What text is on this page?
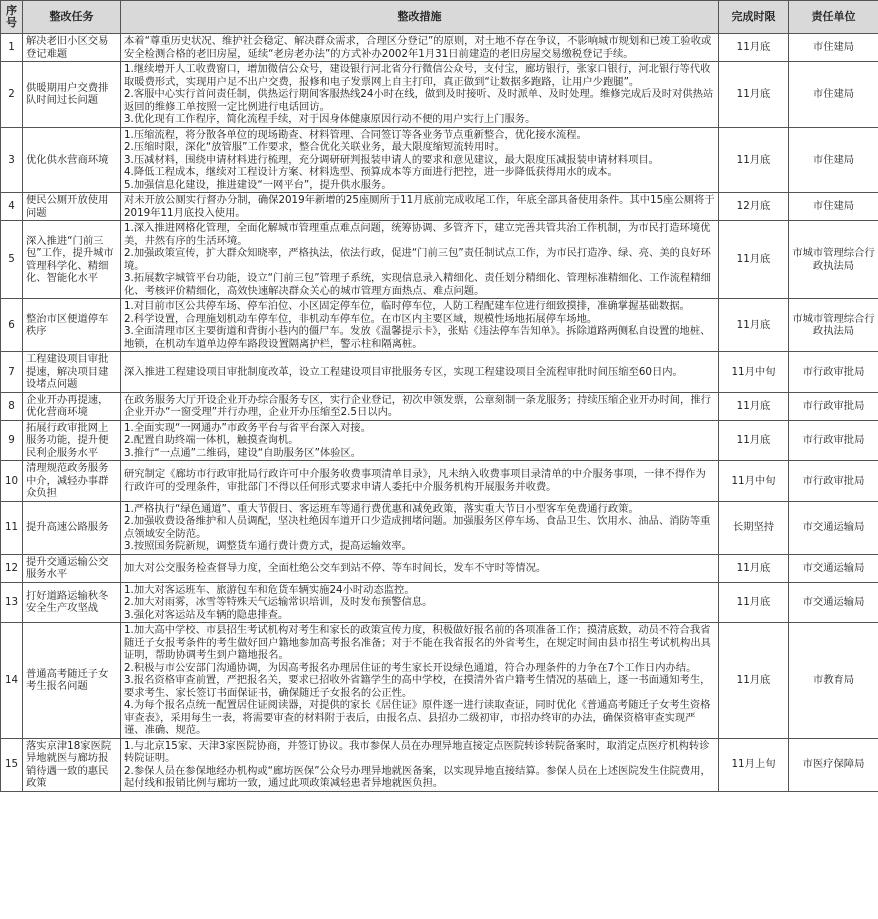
序号	整改任务	整改措施	完成时限	责任单位
1	解决老旧小区交易登记难题	本着“尊重历史状况、维护社会稳定、解决群众需求，合理区分登记”的原则，对土地不存在争议，不影响城市规划和已竣工验收或安全检测合格的老旧房屋，延续“老房老办法”的方式补办2002年1月31日前建造的老旧房屋交易缴税登记手续。	11月底	市住建局
2	供暖期用户交费排队时间过长问题	1.继续增开人工收费窗口，增加微信公众号，建设银行河北省分行微信公众号，支付宝，廊坊银行，张家口银行，河北银行等代收取暖费形式，实现用户足不出户交费，报修和电子发票网上自主打印，真正做到“让数据多跑路，让用户少跑腿”。
2.客服中心实行首问责任制，供热运行期间客服热线24小时在线，做到及时接听、及时派单、及时处理。维修完成后及时对供热站返回的维修工单按照一定比例进行电话回访。
3.优化现有工作程序，简化流程手续，对于因身体健康原因行动不便的用户实行上门服务。	11月底	市住建局
3	优化供水营商环境	1.压缩流程，将分散各单位的现场勘查、材料管理、合同签订等各业务节点重新整合，优化接水流程。
2.压缩时限，深化“放管服”工作要求，整合优化关联业务，最大限度缩短流转用时。
3.压减材料，围绕申请材料进行梳理，充分调研研判报装申请人的要求和意见建议，最大限度压减报装申请材料项目。
4.降低工程成本，继续对工程设计方案、材料选型、预算成本等方面进行把控，进一步降低获得用水的成本。
5.加强信息化建设，推进建设“一网平台”，提升供水服务。	11月底	市住建局
4	便民公厕开放使用问题	对未开放公厕实行督办分制，确保2019年新增的25座厕所于11月底前完成收尾工作，年底全部具备使用条件。其中15座公厕将于2019年11月底投入使用。	12月底	市住建局
5	深入推进“门前三包”工作，提升城市管理科学化、精细化、智能化水平	1.深入推进网格化管理，全面化解城市管理重点难点问题，统筹协调、多管齐下，建立完善共管共治工作机制，为市民打造环境优美，井然有序的生活环境。
2.加强政策宣传，扩大群众知晓率，严格执法，依法行政，促进“门前三包”责任制试点工作，为市民打造净、绿、亮、美的良好环境。
3.拓展数字城管平台功能，设立“门前三包”管理子系统，实现信息录入精细化、责任划分精细化、管理标准精细化、工作流程精细化、考核评价精细化，高效快速解决群众关心的城市管理方面热点、难点问题。	11月底	市城市管理综合行政执法局
6	整治市区便道停车秩序	1.对目前市区公共停车场、停车泊位、小区固定停车位，临时停车位，人防工程配建车位进行细致摸排，准确掌握基础数据。
2.科学设置，合理施划机动车停车位，非机动车停车位。在市区内主要区域，规模性场地拓展停车场地。
3.全面清理市区主要街道和背街小巷内的僵尸车。发放《温馨提示卡》，张贴《违法停车告知单》。拆除道路两侧私自设置的地桩、地锁，在机动车道单边停车路段设置隔离护栏，警示柱和隔离桩。	11月底	市城市管理综合行政执法局
7	工程建设项目审批提速，解决项目建设堵点问题	深入推进工程建设项目审批制度改革，设立工程建设项目审批服务专区，实现工程建设项目全流程审批时间压缩至60日内。	11月中旬	市行政审批局
8	企业开办再提速，优化营商环境	在政务服务大厅开设企业开办综合服务专区，实行企业登记，初次申领发票，公章刻制一条龙服务；持续压缩企业开办时间，推行企业开办“一窗受理”并行办理，企业开办压缩至2.5日以内。	11月底	市行政审批局
9	拓展行政审批网上服务功能，提升便民利企服务水平	1.全面实现“一网通办”市政务平台与省平台深入对接。
2.配置自助终端一体机，触摸查询机。
3.推行“一点通”二维码，建设“自助服务区”体验区。	11月底	市行政审批局
10	清理规范政务服务中介，减轻办事群众负担	研究制定《廊坊市行政审批局行政许可中介服务收费事项清单目录》，凡未纳入收费事项目录清单的中介服务事项，一律不得作为行政许可的受理条件，审批部门不得以任何形式要求申请人委托中介服务机构开展服务并收费。	11月中旬	市行政审批局
11	提升高速公路服务	1.严格执行“绿色通道”、重大节假日、客运班车等通行费优惠和减免政策，落实重大节日小型客车免费通行政策。
2.加强收费设备维护和人员调配，坚决杜绝因车道开口少造成拥堵问题。加强服务区停车场、食品卫生、饮用水、油品、消防等重点领域安全防范。
3.按照国务院新规，调整货车通行费计费方式，提高运输效率。	长期坚持	市交通运输局
12	提升交通运输公交服务水平	加大对公交服务检查督导力度，全面杜绝公交车到站不停、等车时间长，发车不守时等情况。	11月底	市交通运输局
13	打好道路运输秋冬安全生产攻坚战	1.加大对客运班车、旅游包车和危货车辆实施24小时动态监控。
2.加大对雨雾，冰雪等特殊天气运输常识培训，及时发布预警信息。
3.强化对客运站及车辆的隐患排查。	11月底	市交通运输局
14	普通高考随迁子女考生报名问题	1.加大高中学校、市县招生考试机构对考生和家长的政策宣传力度，积极做好报名前的各项准备工作；摸清底数，动员不符合我省随迁子女报考条件的考生做好回户籍地参加高考报名准备；对于不能在我省报名的外省考生，在规定时间由县市招生考试机构出具证明，帮助协调考生到户籍地报名。
2.积极与市公安部门沟通协调，为因高考报名办理居住证的考生家长开设绿色通道，符合办理条件的力争在7个工作日内办结。
3.报名资格审查前置，严把报名关，要求已招收外省籍学生的高中学校，在摸清外省户籍考生情况的基础上，逐一书面通知考生，要求考生、家长签订书面保证书，确保随迁子女报名的公正性。
4.为每个报名点统一配置居住证阅读器，对提供的家长《居住证》原件逐一进行读取查证，同时优化《普通高考随迁子女考生资格审查表》，采用每生一表，将需要审查的材料附于表后，由报名点、县招办二级初审，市招办终审的办法，确保资格审查实现严谨、准确、规范。	11月底	市教育局
15	落实京津18家医院异地就医与廊坊报销待遇一致的惠民政策	1.与北京15家、天津3家医院协商，并签订协议。我市参保人员在办理异地直接定点医院转诊转院备案时，取消定点医疗机构转诊转院证明。
2.参保人员在参保地经办机构或“廊坊医保”公众号办理异地就医备案，以实现异地直接结算。参保人员在上述医院发生住院费用，起付线和报销比例与廊坊一致，通过此项政策减轻患者异地就医负担。	11月上旬	市医疗保障局
